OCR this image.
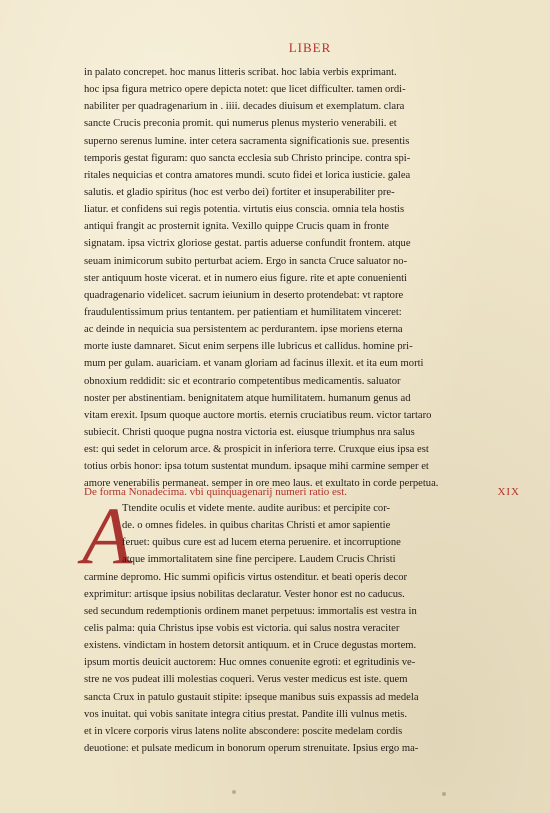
LIBER
in palato concrepet. hoc manus litteris scribat. hoc labia verbis exprimant.
hoc ipsa figura metrico opere depicta notet: que licet difficulter. tamen ordi-
nabiliter per quadragenarium in . iiii. decades diuisum et exemplatum. clara
sancte Crucis preconia promit. qui numerus plenus mysterio venerabili. et
superno serenus lumine. inter cetera sacramenta significationis sue. presentis
temporis gestat figuram: quo sancta ecclesia sub Christo principe. contra spi-
ritales nequicias et contra amatores mundi. scuto fidei et lorica iusticie. galea
salutis. et gladio spiritus (hoc est verbo dei) fortiter et insuperabiliter pre-
liatur. et confidens sui regis potentia. virtutis eius conscia. omnia tela hostis
antiqui frangit ac prosternit ignita. Vexillo quippe Crucis quam in fronte
signatam. ipsa victrix gloriose gestat. partis aduerse confundit frontem. atque
seuam inimicorum subito perturbat aciem. Ergo in sancta Cruce saluator no-
ster antiquum hoste vicerat. et in numero eius figure. rite et apte conuenienti
quadragenario videlicet. sacrum ieiunium in deserto protendebat: vt raptore
fraudulentissimum prius tentantem. per patientiam et humilitatem vinceret:
ac deinde in nequicia sua persistentem ac perdurantem. ipse moriens eterna
morte iuste damnaret. Sicut enim serpens ille lubricus et callidus. homine pri-
mum per gulam. auariciam. et vanam gloriam ad facinus illexit. et ita eum morti
obnoxium reddidit: sic et econtrario competentibus medicamentis. saluator
noster per abstinentiam. benignitatem atque humilitatem. humanum genus ad
vitam erexit. Ipsum quoque auctore mortis. eternis cruciatibus reum. victor tartaro
subiecit. Christi quoque pugna nostra victoria est. eiusque triumphus nra salus
est: qui sedet in celorum arce. & prospicit in inferiora terre. Cruxque eius ipsa est
totius orbis honor: ipsa totum sustentat mundum. ipsaque mihi carmine semper et
amore venerabilis permaneat. semper in ore meo laus. et exultato in corde perpetua.
De forma Nonadecima. vbi quinquagenarij numeri ratio est.	XIX
A
Ttendite oculis et videte mente. audite auribus: et percipite cor-
de. o omnes fideles. in quibus charitas Christi et amor sapientie
feruet: quibus cure est ad lucem eterna peruenire. et incorruptione
atque immortalitatem sine fine percipere. Laudem Crucis Christi
carmine depromo. Hic summi opificis virtus ostenditur. et beati operis decor
exprimitur: artisque ipsius nobilitas declaratur. Vester honor est no caducus.
sed secundum redemptionis ordinem manet perpetuus: immortalis est vestra in
celis palma: quia Christus ipse vobis est victoria. qui salus nostra veraciter
existens. vindictam in hostem detorsit antiquum. et in Cruce degustas mortem.
ipsum mortis deuicit auctorem: Huc omnes conuenite egroti: et egritudinis ve-
stre ne vos pudeat illi molestias coqueri. Verus vester medicus est iste. quem
sancta Crux in patulo gustauit stipite: ipseque manibus suis expassis ad medela
vos inuitat. qui vobis sanitate integra citius prestat. Pandite illi vulnus metis.
et in vlcere corporis virus latens nolite abscondere: poscite medelam cordis
deuotione: et pulsate medicum in bonorum operum strenuitate. Ipsius ergo ma-
